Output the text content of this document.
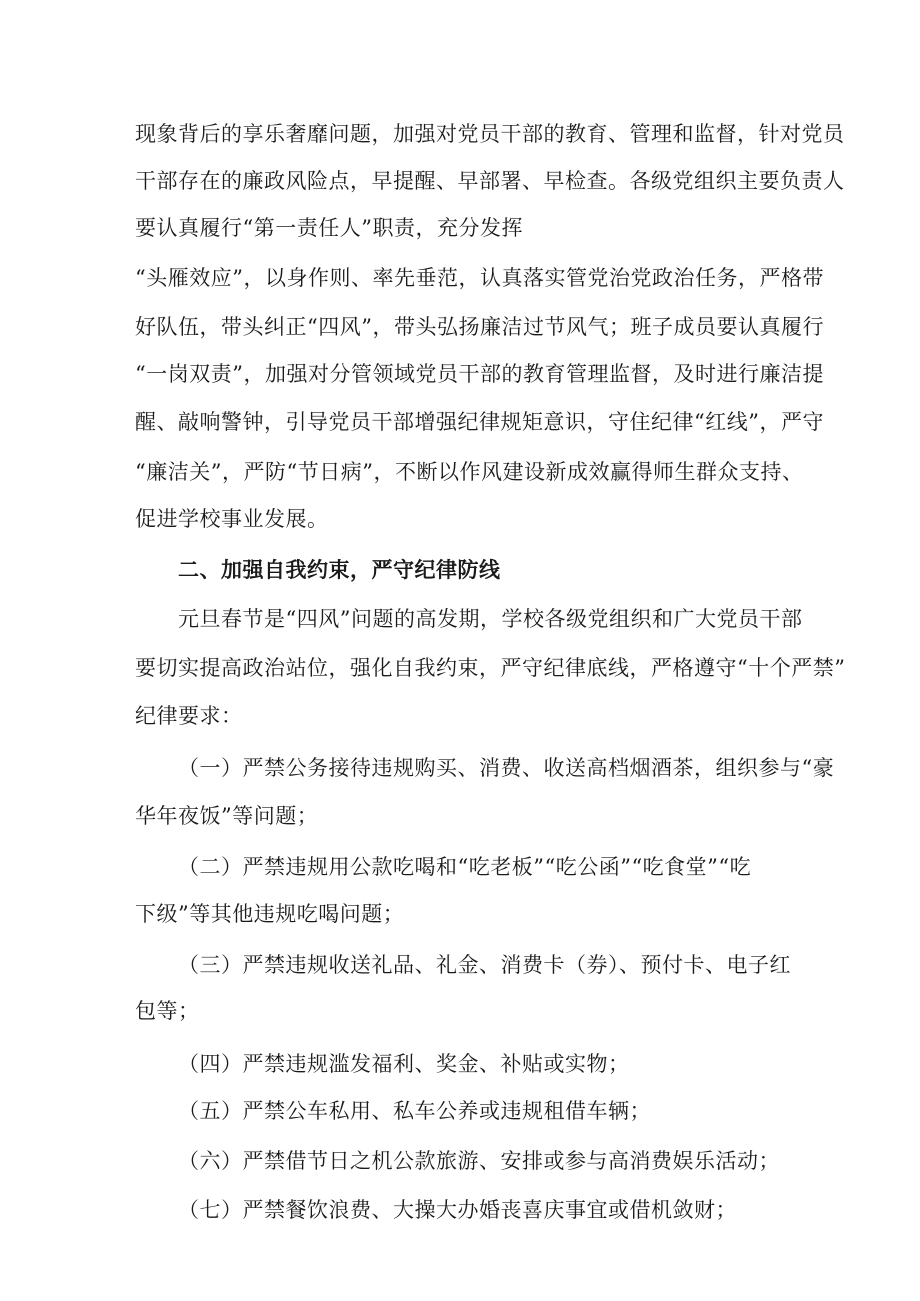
现象背后的享乐奢靡问题，加强对党员干部的教育、管理和监督，针对党员
干部存在的廉政风险点，早提醒、早部署、早检查。各级党组织主要负责人
要认真履行“第一责任人”职责，充分发挥
“头雁效应”，以身作则、率先垂范，认真落实管党治党政治任务，严格带
好队伍，带头纠正“四风”，带头弘扬廉洁过节风气；班子成员要认真履行
“一岗双责”，加强对分管领域党员干部的教育管理监督，及时进行廉洁提
醒、敲响警钟，引导党员干部增强纪律规矩意识，守住纪律“红线”，严守
“廉洁关”，严防“节日病”，不断以作风建设新成效赢得师生群众支持、
促进学校事业发展。
二、加强自我约束，严守纪律防线
元旦春节是“四风”问题的高发期，学校各级党组织和广大党员干部
要切实提高政治站位，强化自我约束，严守纪律底线，严格遵守“十个严禁”
纪律要求：
（一）严禁公务接待违规购买、消费、收送高档烟酒茶，组织参与“豪
华年夜饭”等问题；
（二）严禁违规用公款吃喝和“吃老板”“吃公函”“吃食堂”“吃
下级”等其他违规吃喝问题；
（三）严禁违规收送礼品、礼金、消费卡（券）、预付卡、电子红
包等；
（四）严禁违规滥发福利、奖金、补贴或实物；
（五）严禁公车私用、私车公养或违规租借车辆；
（六）严禁借节日之机公款旅游、安排或参与高消费娱乐活动；
（七）严禁餐饮浪费、大操大办婚丧喜庆事宜或借机敛财；
